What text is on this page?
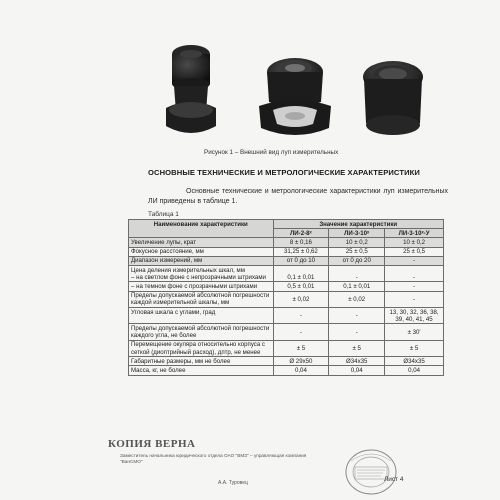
Рисунок 1 – Внешний вид луп измерительных
ОСНОВНЫЕ ТЕХНИЧЕСКИЕ И МЕТРОЛОГИЧЕСКИЕ ХАРАКТЕРИСТИКИ
Основные технические и метрологические характеристики луп измерительных ЛИ приведены в таблице 1.
Таблица 1
Наименование характеристики	Значение характеристики		
	ЛИ-2-8ˣ	ЛИ-3-10ˣ	ЛИ-3-10ˣ-У
Увеличение лупы, крат	8 ± 0,16	10 ± 0,2	10 ± 0,2
Фокусное расстояние, мм	31,25 ± 0,62	25 ± 0,5	25 ± 0,5
Диапазон измерений, мм	от 0 до 10	от 0 до 20	-

Цена деления измерительных шкал, мм
– на светлом фоне с непрозрачными штрихами	0,1 ± 0,01	-	-

– на темном фоне с прозрачными штрихами	0,5 ± 0,01	0,1 ± 0,01	-
Пределы допускаемой абсолютной погрешности каждой измерительной шкалы, мм	± 0,02	± 0,02	-
Угловая шкала с углами, град	-	-	13, 30, 32, 36, 38, 39, 40, 41, 45
Пределы допускаемой абсолютной погрешности каждого угла, не более	-	-	± 30'
Перемещение окуляра относительно корпуса с сеткой (диоптрийный расход), дптр, не менее	± 5	± 5	± 5
Габаритные размеры, мм не более	Ø 29x50	Ø34x35	Ø34x35
Масса, кг, не более	0,04	0,04	0,04
КОПИЯ ВЕРНА
Заместитель начальника юридического отдела ОАО "ВМЗ" – управляющая компания "ВанСМО"
А.А. Туровец	Лист 4
